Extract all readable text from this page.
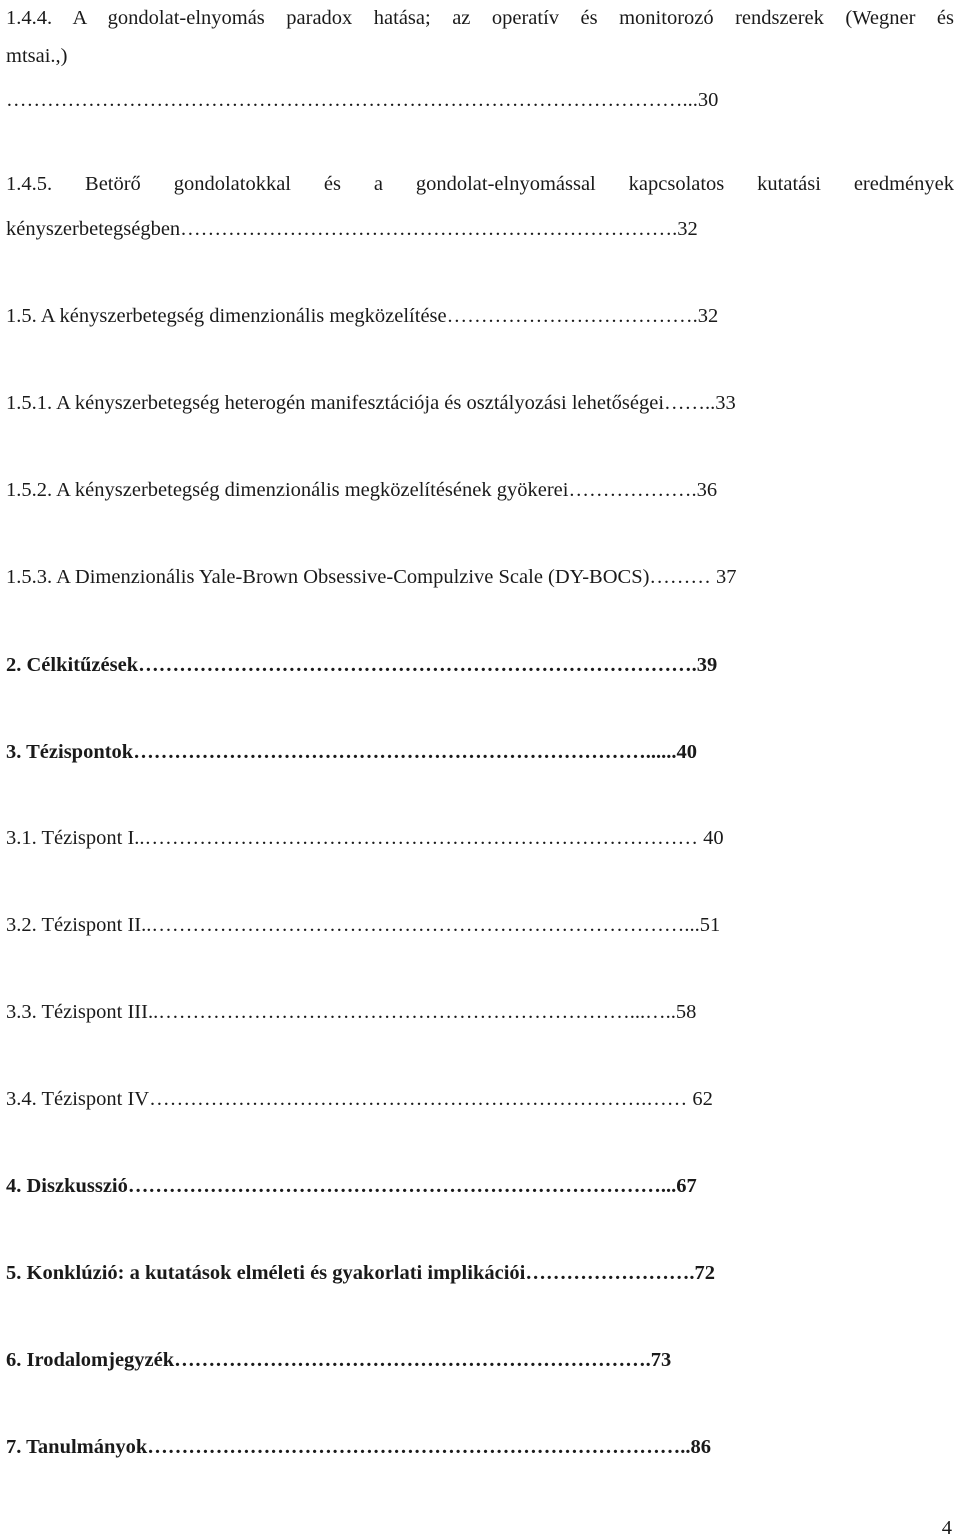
1.4.4. A gondolat-elnyomás paradox hatása; az operatív és monitorozó rendszerek (Wegner és
mtsai.,)
………………………………………………………………………………………...30
1.4.5. Betörő gondolatokkal és a gondolat-elnyomással kapcsolatos kutatási eredmények
kényszerbetegségben……………………………………………………………….32
1.5. A kényszerbetegség dimenzionális megközelítése……………………………….32
1.5.1. A kényszerbetegség heterogén manifesztációja és osztályozási lehetőségei……..33
1.5.2. A kényszerbetegség dimenzionális megközelítésének gyökerei……………….36
1.5.3. A Dimenzionális Yale-Brown Obsessive-Compulzive Scale (DY-BOCS)……… 37
2. Célkitűzések……………………………………………………………………….39
3. Tézispontok…………………………………………………………………......40
3.1. Tézispont I..……………………………………………………………………… 40
3.2. Tézispont II..……………………………………………………………………...51
3.3. Tézispont III..……………………………………………………………...…..58
3.4. Tézispont IV……………………………………………………………….…… 62
4. Diszkusszió……………………………………………………………………...67
5. Konklúzió: a kutatások elméleti és gyakorlati implikációi…………………….72
6. Irodalomjegyzék…………………………………………………………….73
7. Tanulmányok……………………………………………………………………..86
4
